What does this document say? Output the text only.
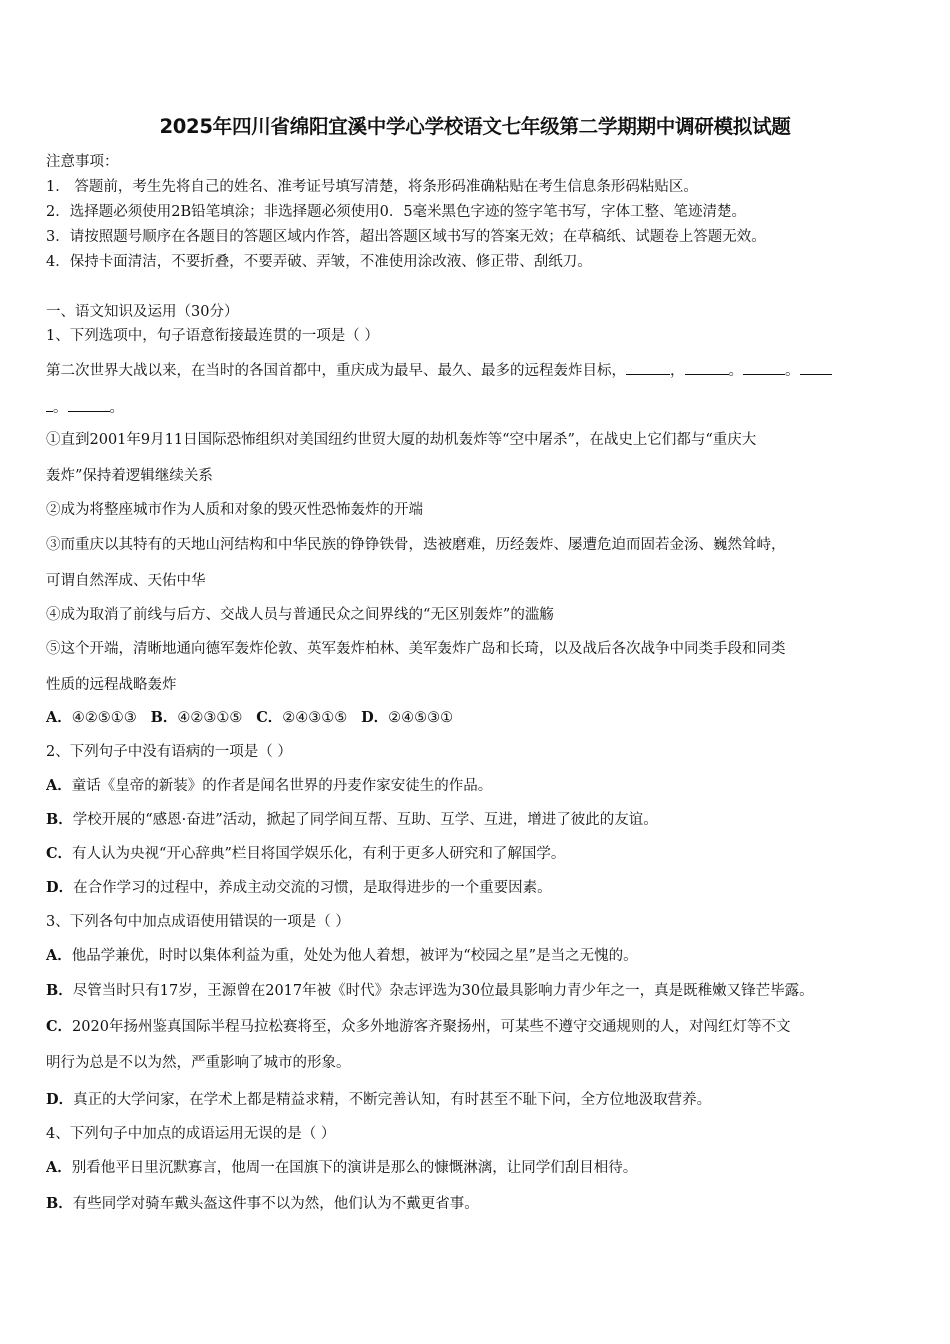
2025年四川省绵阳宜溪中学心学校语文七年级第二学期期中调研模拟试题
注意事项：
1． 答题前，考生先将自己的姓名、准考证号填写清楚，将条形码准确粘贴在考生信息条形码粘贴区。
2．选择题必须使用2B铅笔填涂；非选择题必须使用0．5毫米黑色字迹的签字笔书写，字体工整、笔迹清楚。
3．请按照题号顺序在各题目的答题区域内作答，超出答题区域书写的答案无效；在草稿纸、试题卷上答题无效。
4．保持卡面清洁，不要折叠，不要弄破、弄皱，不准使用涂改液、修正带、刮纸刀。
一、语文知识及运用（30分）
1、下列选项中，句子语意衔接最连贯的一项是（ ）
第二次世界大战以来，在当时的各国首都中，重庆成为最早、最久、最多的远程轰炸目标，	，	。	。
。	。
①直到2001年9月11日国际恐怖组织对美国纽约世贸大厦的劫机轰炸等“空中屠杀”，在战史上它们都与“重庆大
轰炸”保持着逻辑继续关系
②成为将整座城市作为人质和对象的毁灭性恐怖轰炸的开端
③而重庆以其特有的天地山河结构和中华民族的铮铮铁骨，迭被磨难，历经轰炸、屡遭危迫而固若金汤、巍然耸峙，
可谓自然浑成、天佑中华
④成为取消了前线与后方、交战人员与普通民众之间界线的“无区别轰炸”的滥觞
⑤这个开端，清晰地通向德军轰炸伦敦、英军轰炸柏林、美军轰炸广岛和长琦，以及战后各次战争中同类手段和同类
性质的远程战略轰炸
A．④②⑤①③ B．④②③①⑤ C．②④③①⑤ D．②④⑤③①
2、下列句子中没有语病的一项是（ ）
A．童话《皇帝的新装》的作者是闻名世界的丹麦作家安徒生的作品。
B．学校开展的“感恩·奋进”活动，掀起了同学间互帮、互助、互学、互进，增进了彼此的友谊。
C．有人认为央视“开心辞典”栏目将国学娱乐化，有利于更多人研究和了解国学。
D．在合作学习的过程中，养成主动交流的习惯，是取得进步的一个重要因素。
3、下列各句中加点成语使用错误的一项是（ ）
A．他品学兼优，时时以集体利益为重，处处为他人着想，被评为“校园之星”是当之无愧的。
B．尽管当时只有17岁，王源曾在2017年被《时代》杂志评选为30位最具影响力青少年之一，真是既稚嫩又锋芒毕露。
C．2020年扬州鉴真国际半程马拉松赛将至，众多外地游客齐聚扬州，可某些不遵守交通规则的人，对闯红灯等不文
明行为总是不以为然，严重影响了城市的形象。
D．真正的大学问家，在学术上都是精益求精，不断完善认知，有时甚至不耻下问，全方位地汲取营养。
4、下列句子中加点的成语运用无误的是（ ）
A．别看他平日里沉默寡言，他周一在国旗下的演讲是那么的慷慨淋漓，让同学们刮目相待。
B．有些同学对骑车戴头盔这件事不以为然，他们认为不戴更省事。
